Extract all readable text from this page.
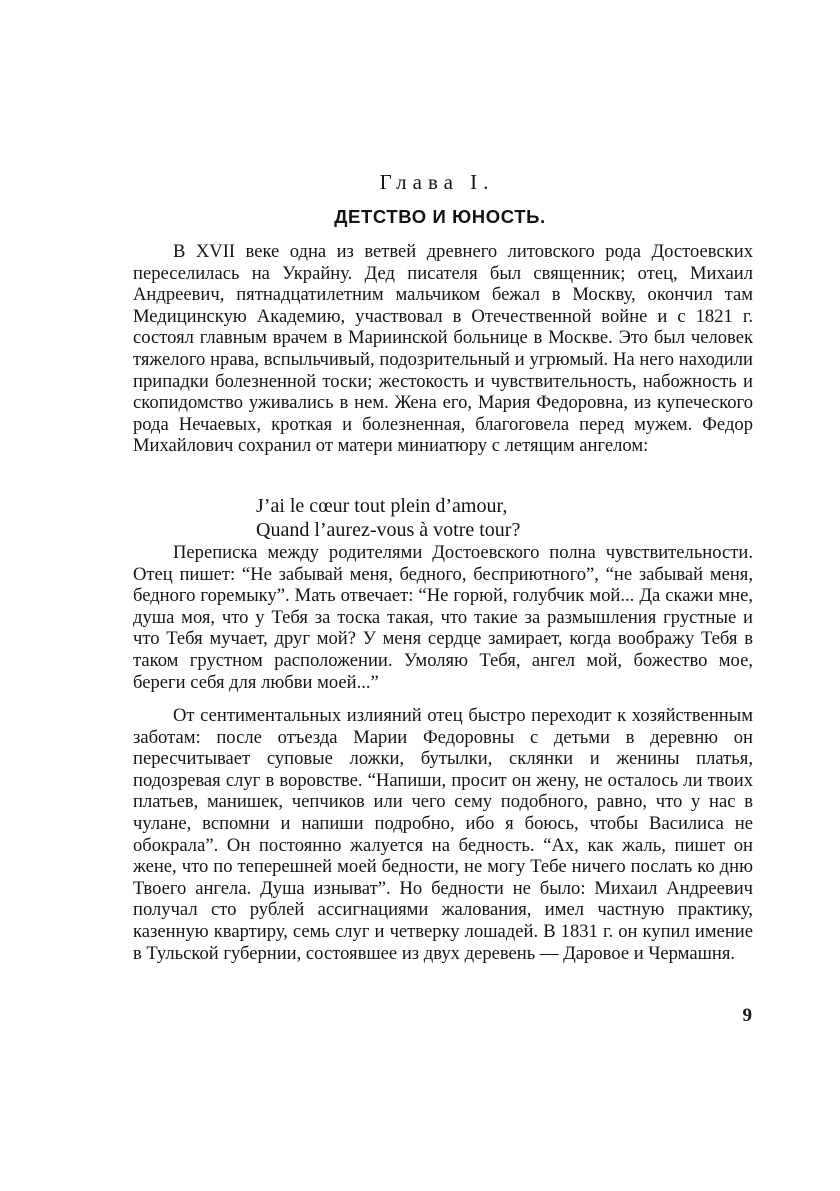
Глава I.
ДЕТСТВО И ЮНОСТЬ.

В XVII веке одна из ветвей древнего литовского рода Достоевских переселилась на Украйну. Дед писателя был священник; отец, Михаил Андреевич, пятнадцатилетним мальчиком бежал в Москву, окончил там Медицинскую Академию, участвовал в Отечественной войне и с 1821 г. состоял главным врачем в Мариинской больнице в Москве. Это был человек тяжелого нрава, вспыльчивый, подозрительный и угрюмый. На него находили припадки болезненной тоски; жестокость и чувствительность, набожность и скопидомство уживались в нем. Жена его, Мария Федоровна, из купеческого рода Нечаевых, кроткая и болезненная, благоговела перед мужем. Федор Михайлович сохранил от матери миниатюру с летящим ангелом:

J’ai le cœur tout plein d’amour,
Quand l’aurez-vous à votre tour?

Переписка между родителями Достоевского полна чувствительности. Отец пишет: “Не забывай меня, бедного, бесприютного”, “не забывай меня, бедного горемыку”. Мать отвечает: “Не горюй, голубчик мой... Да скажи мне, душа моя, что у Тебя за тоска такая, что такие за размышления грустные и что Тебя мучает, друг мой? У меня сердце замирает, когда воображу Тебя в таком грустном расположении. Умоляю Тебя, ангел мой, божество мое, береги себя для любви моей...”

От сентиментальных излияний отец быстро переходит к хозяйственным заботам: после отъезда Марии Федоровны с детьми в деревню он пересчитывает суповые ложки, бутылки, склянки и женины платья, подозревая слуг в воровстве. “Напиши, просит он жену, не осталось ли твоих платьев, манишек, чепчиков или чего сему подобного, равно, что у нас в чулане, вспомни и напиши подробно, ибо я боюсь, чтобы Василиса не обокрала”. Он постоянно жалуется на бедность. “Ах, как жаль, пишет он жене, что по теперешней моей бедности, не могу Тебе ничего послать ко дню Твоего ангела. Душа изныват”. Но бедности не было: Михаил Андреевич получал сто рублей ассигнациями жалования, имел частную практику, казенную квартиру, семь слуг и четверку лошадей. В 1831 г. он купил имение в Тульской губернии, состоявшее из двух деревень — Даровое и Чермашня.

9
